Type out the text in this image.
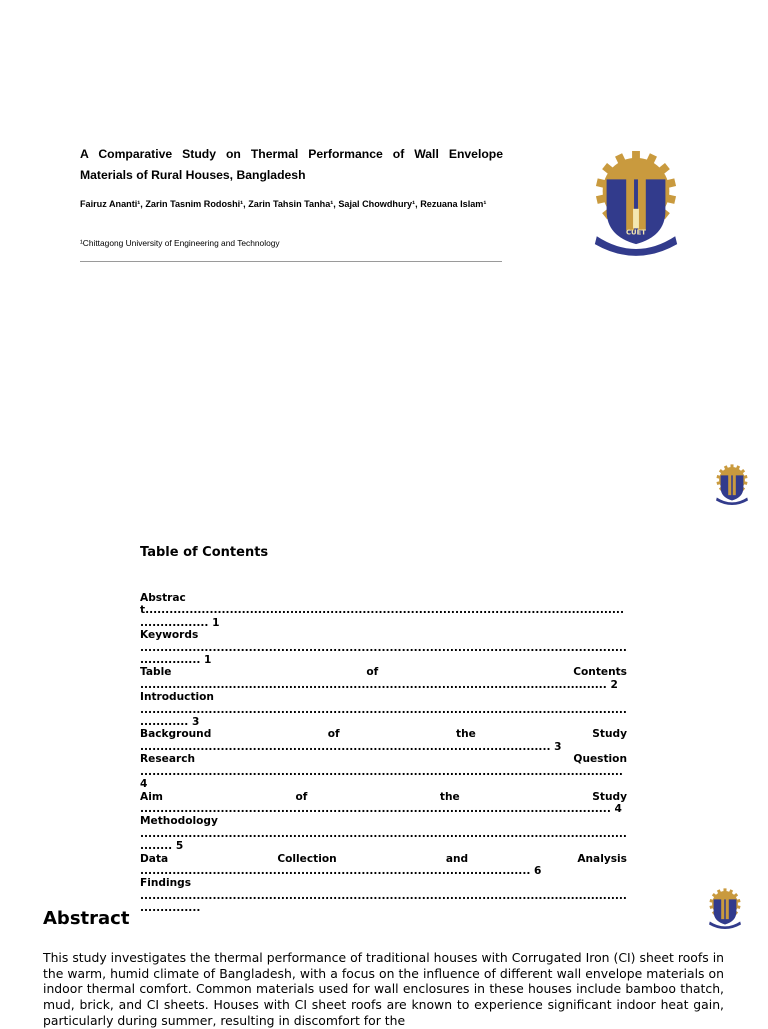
A Comparative Study on Thermal Performance of Wall Envelope Materials of Rural Houses, Bangladesh
Fairuz Ananti¹, Zarin Tasnim Rodoshi¹, Zarin Tahsin Tanha¹, Sajal Chowdhury¹, Rezuana Islam¹
¹Chittagong University of Engineering and Technology
CUET
Table of Contents
Abstract........................................................................................................................................ 1
Keywords ........................................................................................................................................ 1
Table of Contents .................................................................................................................... 2
Introduction ..................................................................................................................................... 3
Background of the Study ...................................................................................................... 3
Research Question ........................................................................................................................ 4
Aim of the Study ..................................................................................................................... 4
Methodology ................................................................................................................................. 5
Data Collection and Analysis ................................................................................................. 6
Findings ........................................................................................................................................
Abstract
This study investigates the thermal performance of traditional houses with Corrugated Iron (CI) sheet roofs in the warm, humid climate of Bangladesh, with a focus on the influence of different wall envelope materials on indoor thermal comfort. Common materials used for wall enclosures in these houses include bamboo thatch, mud, brick, and CI sheets. Houses with CI sheet roofs are known to experience significant indoor heat gain, particularly during summer, resulting in discomfort for the
